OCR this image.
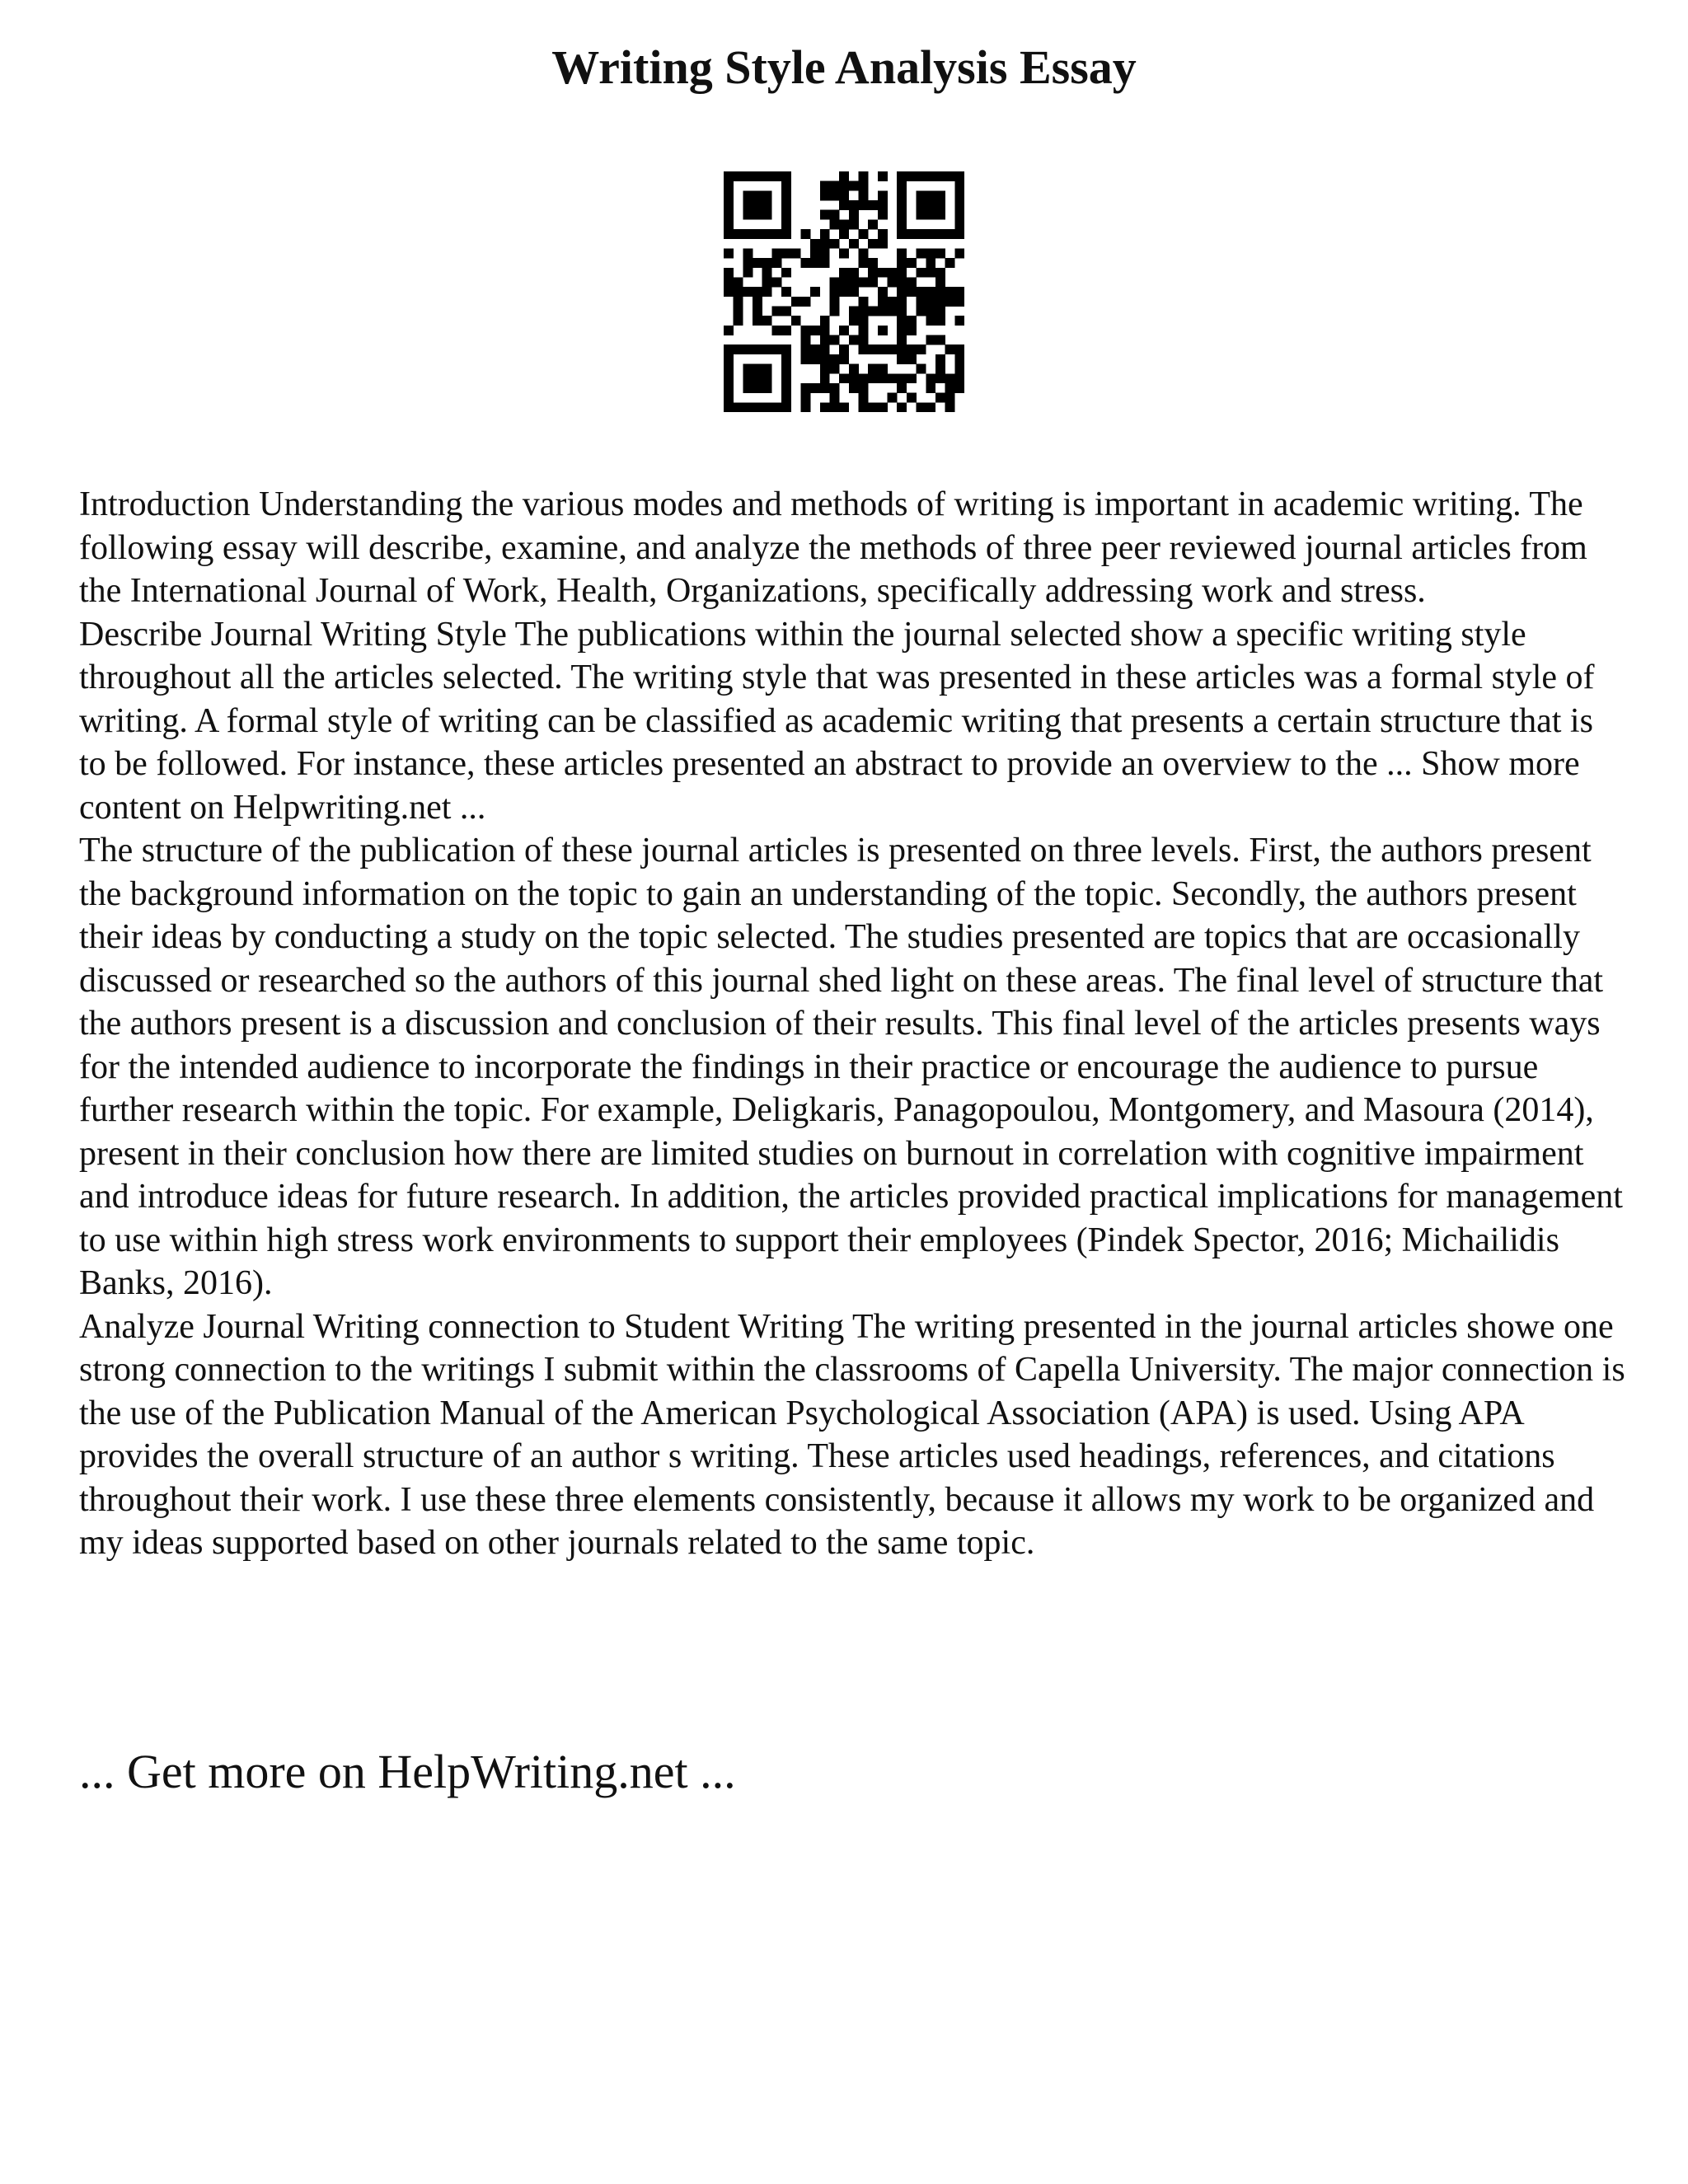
Writing Style Analysis Essay

Introduction Understanding the various modes and methods of writing is important in academic writing. The following essay will describe, examine, and analyze the methods of three peer reviewed journal articles from the International Journal of Work, Health, Organizations, specifically addressing work and stress.

Describe Journal Writing Style The publications within the journal selected show a specific writing style throughout all the articles selected. The writing style that was presented in these articles was a formal style of writing. A formal style of writing can be classified as academic writing that presents a certain structure that is to be followed. For instance, these articles presented an abstract to provide an overview to the ... Show more content on Helpwriting.net ...

The structure of the publication of these journal articles is presented on three levels. First, the authors present the background information on the topic to gain an understanding of the topic. Secondly, the authors present their ideas by conducting a study on the topic selected. The studies presented are topics that are occasionally discussed or researched so the authors of this journal shed light on these areas. The final level of structure that the authors present is a discussion and conclusion of their results. This final level of the articles presents ways for the intended audience to incorporate the findings in their practice or encourage the audience to pursue further research within the topic. For example, Deligkaris, Panagopoulou, Montgomery, and Masoura (2014), present in their conclusion how there are limited studies on burnout in correlation with cognitive impairment and introduce ideas for future research. In addition, the articles provided practical implications for management to use within high stress work environments to support their employees (Pindek Spector, 2016; Michailidis Banks, 2016).

Analyze Journal Writing connection to Student Writing The writing presented in the journal articles showe one strong connection to the writings I submit within the classrooms of Capella University. The major connection is the use of the Publication Manual of the American Psychological Association (APA) is used. Using APA provides the overall structure of an author s writing. These articles used headings, references, and citations throughout their work. I use these three elements consistently, because it allows my work to be organized and my ideas supported based on other journals related to the same topic.

... Get more on HelpWriting.net ...
